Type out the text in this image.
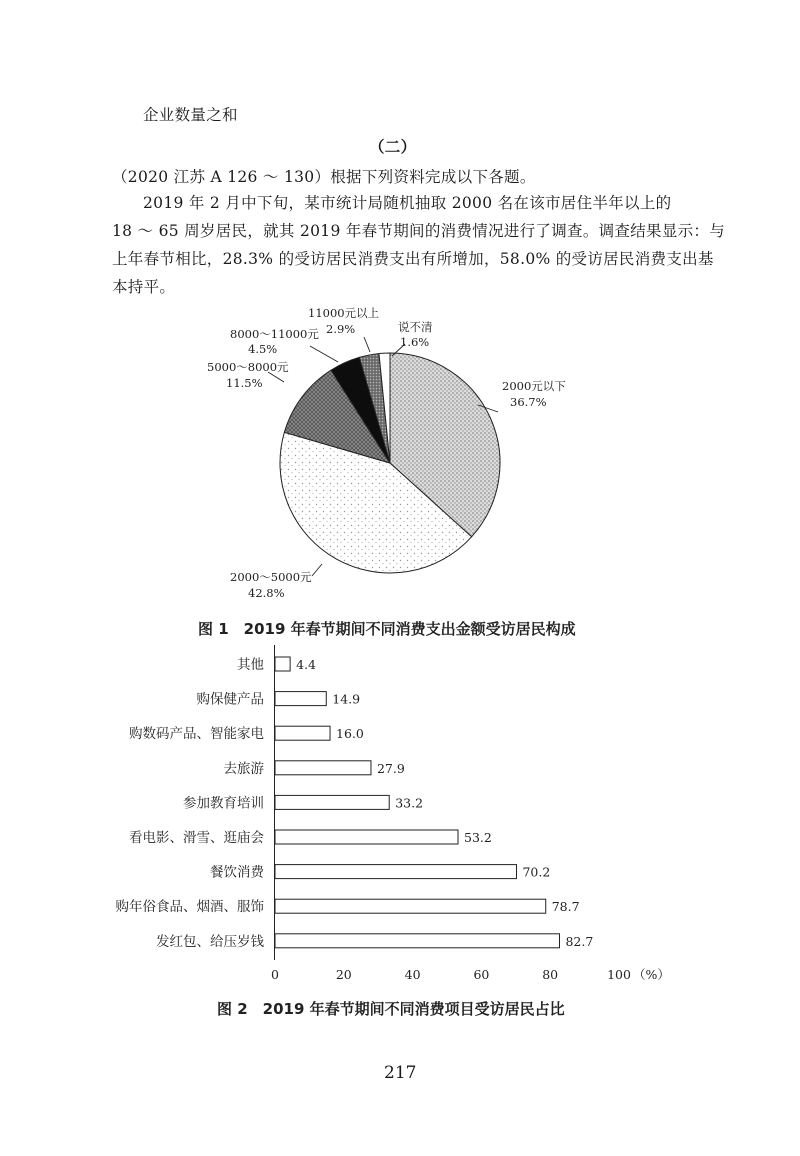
企业数量之和
（二）
（2020 江苏 A 126 ～ 130）根据下列资料完成以下各题。
2019 年 2 月中下旬，某市统计局随机抽取 2000 名在该市居住半年以上的
18 ～ 65 周岁居民，就其 2019 年春节期间的消费情况进行了调查。调查结果显示：与
上年春节相比，28.3% 的受访居民消费支出有所增加，58.0% 的受访居民消费支出基
本持平。
2000元以下
36.7%
2000～5000元
42.8%
5000～8000元
11.5%
8000～11000元
4.5%
11000元以上
2.9%	说不清
1.6%
图 1　2019 年春节期间不同消费支出金额受访居民构成
其他	4.4
购保健产品	14.9
购数码产品、智能家电	16.0
去旅游	27.9
参加教育培训	33.2
看电影、滑雪、逛庙会	53.2
餐饮消费	70.2
购年俗食品、烟酒、服饰	78.7
发红包、给压岁钱	82.7
0	20	40	60	80	100 （%）
图 2　2019 年春节期间不同消费项目受访居民占比
217
